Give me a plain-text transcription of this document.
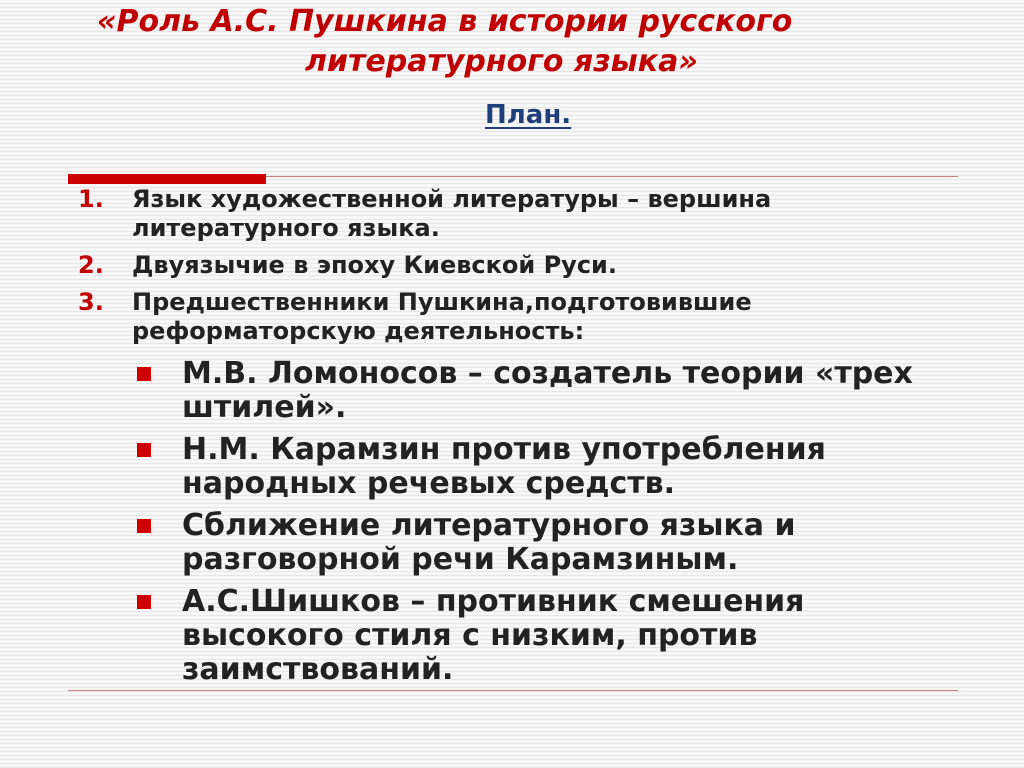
«Роль А.С. Пушкина в истории русского
литературного языка»
План.
1. Язык художественной литературы – вершина литературного языка.
2. Двуязычие в эпоху Киевской Руси.
3. Предшественники Пушкина,подготовившие реформаторскую деятельность:
М.В. Ломоносов – создатель теории «трех штилей».
Н.М. Карамзин против употребления народных речевых средств.
Сближение литературного языка и разговорной речи Карамзиным.
А.С.Шишков – противник смешения высокого стиля с низким, против заимствований.
